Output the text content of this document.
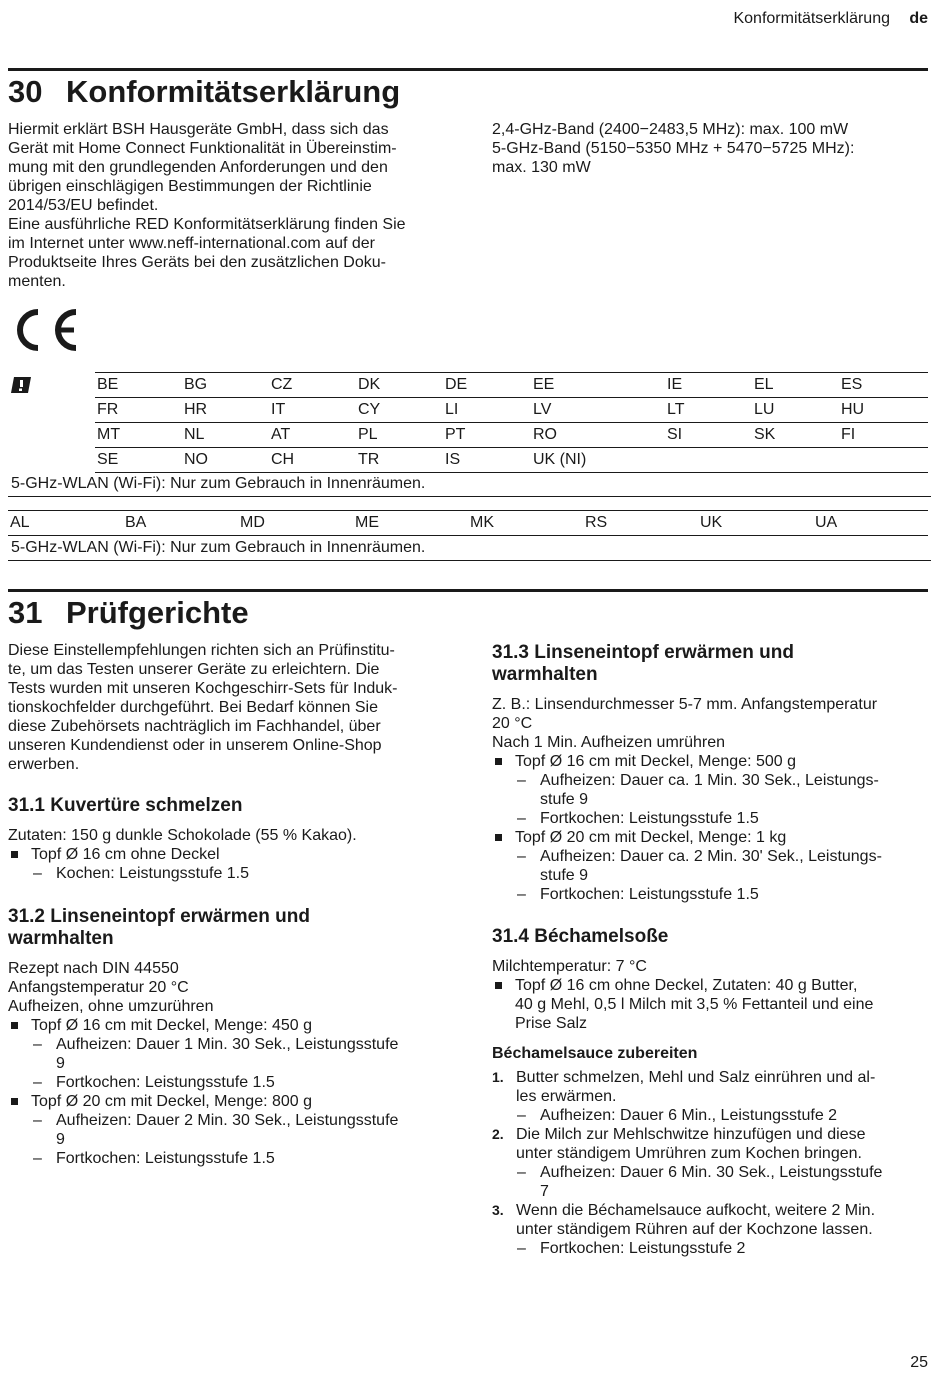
Konformitätserklärung de
30 Konformitätserklärung

Hiermit erklärt BSH Hausgeräte GmbH, dass sich das

Gerät mit Home Connect Funktionalität in Übereinstim-

mung mit den grundlegenden Anforderungen und den

übrigen einschlägigen Bestimmungen der Richtlinie

2014/53/EU befindet.

Eine ausführliche RED Konformitätserklärung finden Sie

im Internet unter www.neff-international.com auf der

Produktseite Ihres Geräts bei den zusätzlichen Doku-

menten.

2,4-GHz-Band (2400−2483,5 MHz): max. 100 mW

5-GHz-Band (5150−5350 MHz + 5470−5725 MHz):

max. 130 mW

BE	BG	CZ	DK	DE	EE	IE	EL	ES
FR	HR	IT	CY	LI	LV	LT	LU	HU
MT	NL	AT	PL	PT	RO	SI	SK	FI
SE	NO	CH	TR	IS	UK (NI)			
5-GHz-WLAN (Wi-Fi): Nur zum Gebrauch in Innenräumen.
AL	BA	MD	ME	MK	RS	UK	UA
5-GHz-WLAN (Wi-Fi): Nur zum Gebrauch in Innenräumen.
31 Prüfgerichte

Diese Einstellempfehlungen richten sich an Prüfinstitu-

te, um das Testen unserer Geräte zu erleichtern. Die

Tests wurden mit unseren Kochgeschirr-Sets für Induk-

tionskochfelder durchgeführt. Bei Bedarf können Sie

diese Zubehörsets nachträglich im Fachhandel, über

unseren Kundendienst oder in unserem Online-Shop

erwerben.

31.1 Kuvertüre schmelzen

Zutaten: 150 g dunkle Schokolade (55 % Kakao).

Topf Ø 16 cm ohne Deckel

– Kochen: Leistungsstufe 1.5

31.2 Linseneintopf erwärmen und
warmhalten

Rezept nach DIN 44550

Anfangstemperatur 20 °C

Aufheizen, ohne umzurühren

Topf Ø 16 cm mit Deckel, Menge: 450 g

– Aufheizen: Dauer 1 Min. 30 Sek., Leistungsstufe

9

– Fortkochen: Leistungsstufe 1.5

Topf Ø 20 cm mit Deckel, Menge: 800 g

– Aufheizen: Dauer 2 Min. 30 Sek., Leistungsstufe

9

– Fortkochen: Leistungsstufe 1.5

31.3 Linseneintopf erwärmen und
warmhalten

Z. B.: Linsendurchmesser 5-7 mm. Anfangstemperatur

20 °C

Nach 1 Min. Aufheizen umrühren

Topf Ø 16 cm mit Deckel, Menge: 500 g

– Aufheizen: Dauer ca. 1 Min. 30 Sek., Leistungs-

stufe 9

– Fortkochen: Leistungsstufe 1.5

Topf Ø 20 cm mit Deckel, Menge: 1 kg

– Aufheizen: Dauer ca. 2 Min. 30' Sek., Leistungs-

stufe 9

– Fortkochen: Leistungsstufe 1.5

31.4 Béchamelsoße

Milchtemperatur: 7 °C

Topf Ø 16 cm ohne Deckel, Zutaten: 40 g Butter,

40 g Mehl, 0,5 l Milch mit 3,5 % Fettanteil und eine

Prise Salz

Béchamelsauce zubereiten

1. Butter schmelzen, Mehl und Salz einrühren und al-

les erwärmen.

– Aufheizen: Dauer 6 Min., Leistungsstufe 2

2. Die Milch zur Mehlschwitze hinzufügen und diese

unter ständigem Umrühren zum Kochen bringen.

– Aufheizen: Dauer 6 Min. 30 Sek., Leistungsstufe

7

3. Wenn die Béchamelsauce aufkocht, weitere 2 Min.

unter ständigem Rühren auf der Kochzone lassen.

– Fortkochen: Leistungsstufe 2

25
